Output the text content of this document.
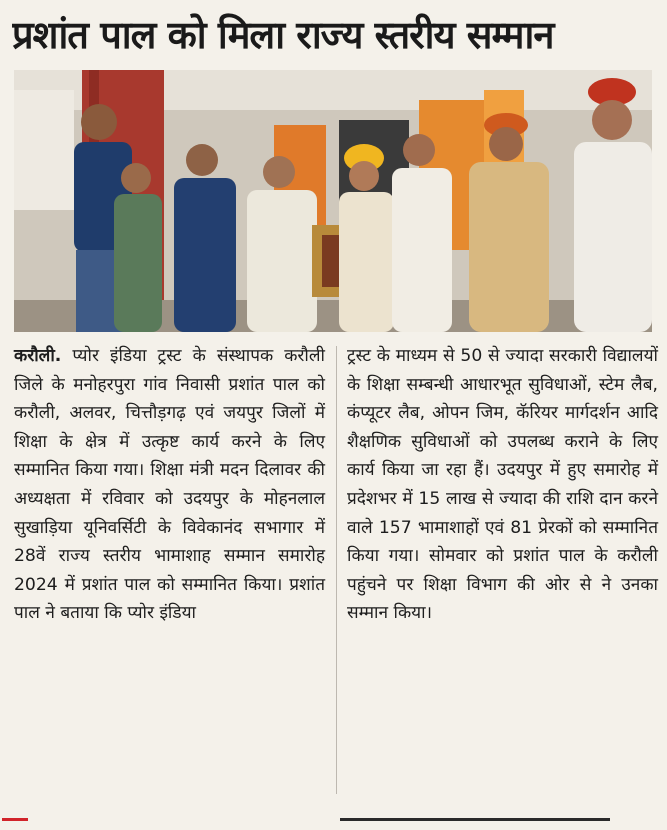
प्रशांत पाल को मिला राज्य स्तरीय सम्मान
करौली. प्योर इंडिया ट्रस्ट के संस्थापक करौली जिले के मनोहरपुरा गांव निवासी प्रशांत पाल को करौली, अलवर, चित्तौड़गढ़ एवं जयपुर जिलों में शिक्षा के क्षेत्र में उत्कृष्ट कार्य करने के लिए सम्मानित किया गया। शिक्षा मंत्री मदन दिलावर की अध्यक्षता में रविवार को उदयपुर के मोहनलाल सुखाड़िया यूनिवर्सिटी के विवेकानंद सभागार में 28वें राज्य स्तरीय भामाशाह सम्मान समारोह 2024 में प्रशांत पाल को सम्मानित किया। प्रशांत पाल ने बताया कि प्योर इंडिया
ट्रस्ट के माध्यम से 50 से ज्यादा सरकारी विद्यालयों के शिक्षा सम्बन्धी आधारभूत सुविधाओं, स्टेम लैब, कंप्यूटर लैब, ओपन जिम, कॅरियर मार्गदर्शन आदि शैक्षणिक सुविधाओं को उपलब्ध कराने के लिए कार्य किया जा रहा हैं। उदयपुर में हुए समारोह में प्रदेशभर में 15 लाख से ज्यादा की राशि दान करने वाले 157 भामाशाहों एवं 81 प्रेरकों को सम्मानित किया गया। सोमवार को प्रशांत पाल के करौली पहुंचने पर शिक्षा विभाग की ओर से ने उनका सम्मान किया।
